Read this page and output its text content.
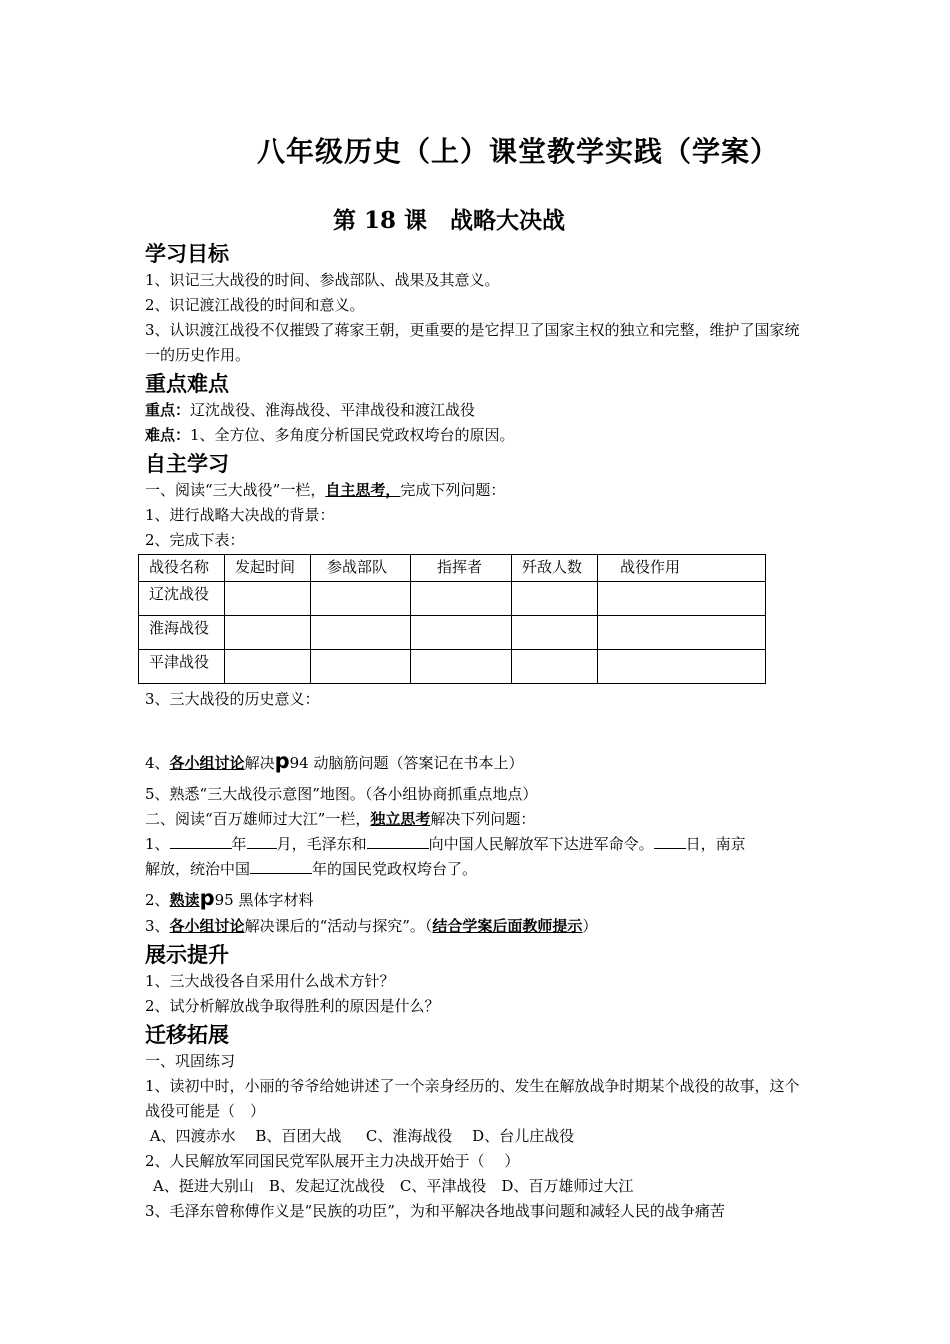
八年级历史（上）课堂教学实践（学案）
第 18 课　战略大决战
学习目标

1、识记三大战役的时间、参战部队、战果及其意义。

2、识记渡江战役的时间和意义。

3、认识渡江战役不仅摧毁了蒋家王朝，更重要的是它捍卫了国家主权的独立和完整，维护了国家统一的历史作用。

重点难点

重点：辽沈战役、淮海战役、平津战役和渡江战役

难点：1、全方位、多角度分析国民党政权垮台的原因。

自主学习

一、阅读“三大战役”一栏，自主思考，完成下列问题：

1、进行战略大决战的背景：

2、完成下表：

战役名称	发起时间	参战部队	指挥者	歼敌人数	战役作用
辽沈战役					
淮海战役					
平津战役					

3、三大战役的历史意义：

4、各小组讨论解决p94 动脑筋问题（答案记在书本上）

5、熟悉“三大战役示意图”地图。（各小组协商抓重点地点）

二、阅读“百万雄师过大江”一栏，独立思考解决下列问题：

1、	年 月，毛泽东和	向中国人民解放军下达进军命令。 日，南京

解放，统治中国	年的国民党政权垮台了。

2、熟读p95 黑体字材料

3、各小组讨论解决课后的“活动与探究”。（结合学案后面教师提示）

展示提升

1、三大战役各自采用什么战术方针？

2、试分析解放战争取得胜利的原因是什么？

迁移拓展

一、巩固练习

1、读初中时，小丽的爷爷给她讲述了一个亲身经历的、发生在解放战争时期某个战役的故事，这个战役可能是（　）

A、四渡赤水　 B、百团大战　  C、淮海战役　 D、台儿庄战役

2、人民解放军同国民党军队展开主力决战开始于（　 ）

A、挺进大别山　B、发起辽沈战役　C、平津战役　D、百万雄师过大江

3、毛泽东曾称傅作义是“民族的功臣”，为和平解决各地战事问题和减轻人民的战争痛苦
